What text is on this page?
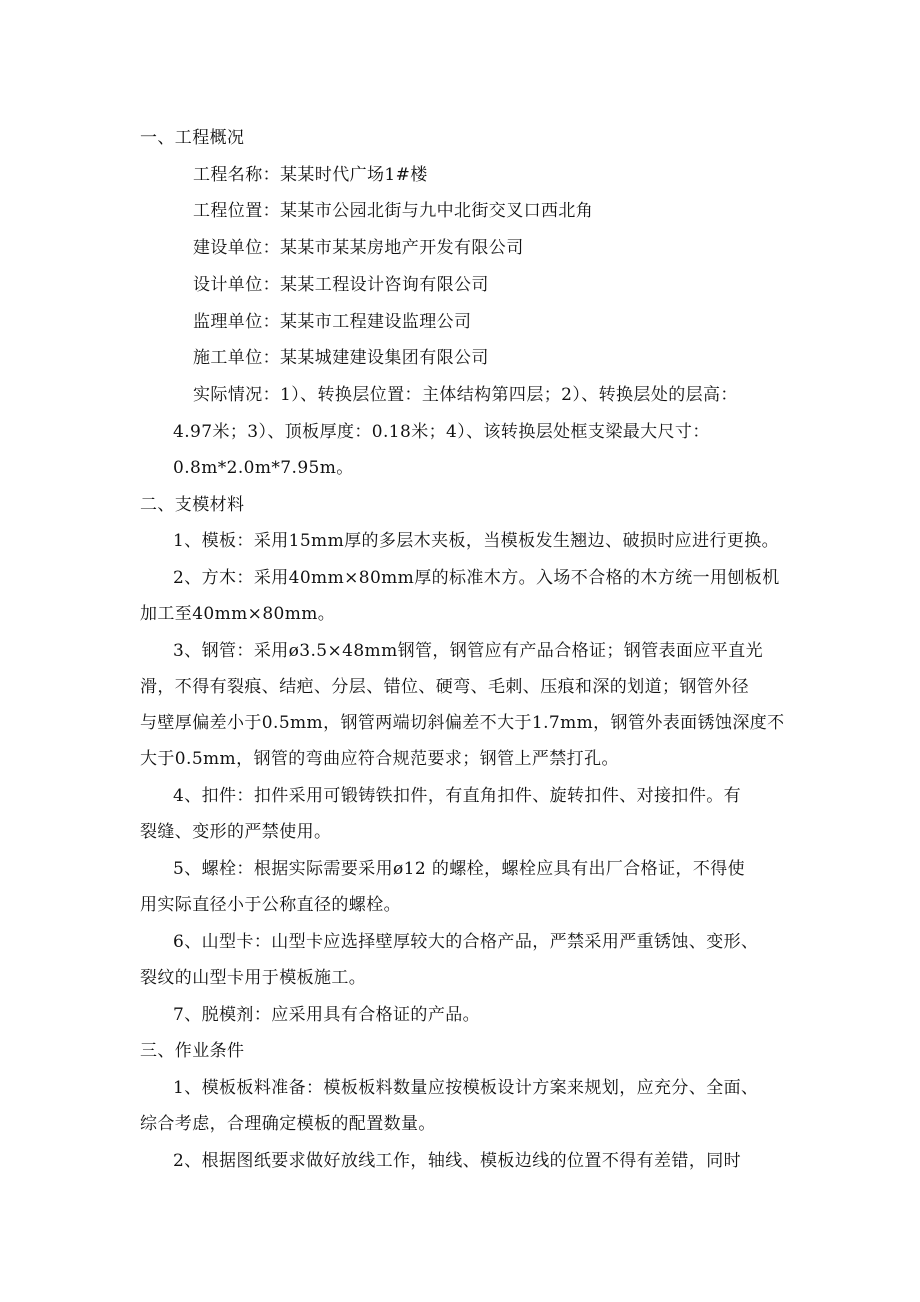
一、工程概况
工程名称：某某时代广场1#楼
工程位置：某某市公园北街与九中北街交叉口西北角
建设单位：某某市某某房地产开发有限公司
设计单位：某某工程设计咨询有限公司
监理单位：某某市工程建设监理公司
施工单位：某某城建建设集团有限公司
实际情况：1）、转换层位置：主体结构第四层；2）、转换层处的层高：
4.97米；3）、顶板厚度：0.18米；4）、该转换层处框支梁最大尺寸：
0.8m*2.0m*7.95m。
二、支模材料
1、模板：采用15mm厚的多层木夹板，当模板发生翘边、破损时应进行更换。
2、方木：采用40mm×80mm厚的标准木方。入场不合格的木方统一用刨板机
加工至40mm×80mm。
3、钢管：采用ø3.5×48mm钢管，钢管应有产品合格证；钢管表面应平直光
滑，不得有裂痕、结疤、分层、错位、硬弯、毛刺、压痕和深的划道；钢管外径
与壁厚偏差小于0.5mm，钢管两端切斜偏差不大于1.7mm，钢管外表面锈蚀深度不
大于0.5mm，钢管的弯曲应符合规范要求；钢管上严禁打孔。
4、扣件：扣件采用可锻铸铁扣件，有直角扣件、旋转扣件、对接扣件。有
裂缝、变形的严禁使用。
5、螺栓：根据实际需要采用ø12 的螺栓，螺栓应具有出厂合格证，不得使
用实际直径小于公称直径的螺栓。
6、山型卡：山型卡应选择壁厚较大的合格产品，严禁采用严重锈蚀、变形、
裂纹的山型卡用于模板施工。
7、脱模剂：应采用具有合格证的产品。
三、作业条件
1、模板板料准备：模板板料数量应按模板设计方案来规划，应充分、全面、
综合考虑，合理确定模板的配置数量。
2、根据图纸要求做好放线工作，轴线、模板边线的位置不得有差错，同时
